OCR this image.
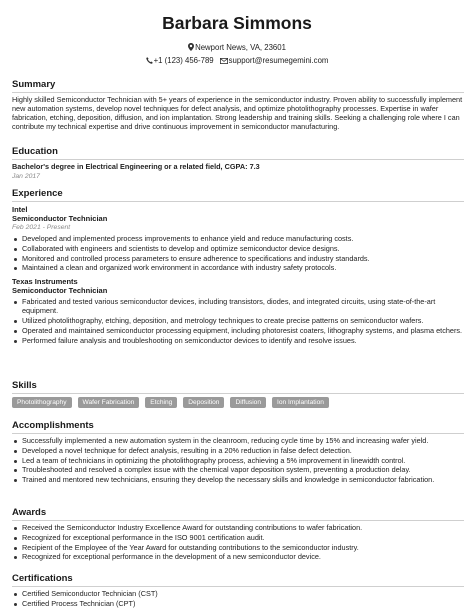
Barbara Simmons
Newport News, VA, 23601
+1 (123) 456-789 support@resumegemini.com
Summary

Highly skilled Semiconductor Technician with 5+ years of experience in the semiconductor industry. Proven ability to successfully implement new automation systems, develop novel techniques for defect analysis, and optimize photolithography processes. Expertise in wafer fabrication, etching, deposition, diffusion, and ion implantation. Strong leadership and training skills. Seeking a challenging role where I can contribute my technical expertise and drive continuous improvement in semiconductor manufacturing.

Education
Bachelor's degree in Electrical Engineering or a related field, CGPA: 7.3
Jan 2017
Experience
Intel
Semiconductor Technician
Feb 2021 - Present
Developed and implemented process improvements to enhance yield and reduce manufacturing costs.
Collaborated with engineers and scientists to develop and optimize semiconductor device designs.
Monitored and controlled process parameters to ensure adherence to specifications and industry standards.
Maintained a clean and organized work environment in accordance with industry safety protocols.
Texas Instruments
Semiconductor Technician
Fabricated and tested various semiconductor devices, including transistors, diodes, and integrated circuits, using state-of-the-art equipment.
Utilized photolithography, etching, deposition, and metrology techniques to create precise patterns on semiconductor wafers.
Operated and maintained semiconductor processing equipment, including photoresist coaters, lithography systems, and plasma etchers.
Performed failure analysis and troubleshooting on semiconductor devices to identify and resolve issues.
Skills
Photolithography	Wafer Fabrication	Etching	Deposition	Diffusion	Ion Implantation
Accomplishments
Successfully implemented a new automation system in the cleanroom, reducing cycle time by 15% and increasing wafer yield.
Developed a novel technique for defect analysis, resulting in a 20% reduction in false defect detection.
Led a team of technicians in optimizing the photolithography process, achieving a 5% improvement in linewidth control.
Troubleshooted and resolved a complex issue with the chemical vapor deposition system, preventing a production delay.
Trained and mentored new technicians, ensuring they develop the necessary skills and knowledge in semiconductor fabrication.
Awards
Received the Semiconductor Industry Excellence Award for outstanding contributions to wafer fabrication.
Recognized for exceptional performance in the ISO 9001 certification audit.
Recipient of the Employee of the Year Award for outstanding contributions to the semiconductor industry.
Recognized for exceptional performance in the development of a new semiconductor device.
Certifications
Certified Semiconductor Technician (CST)
Certified Process Technician (CPT)
